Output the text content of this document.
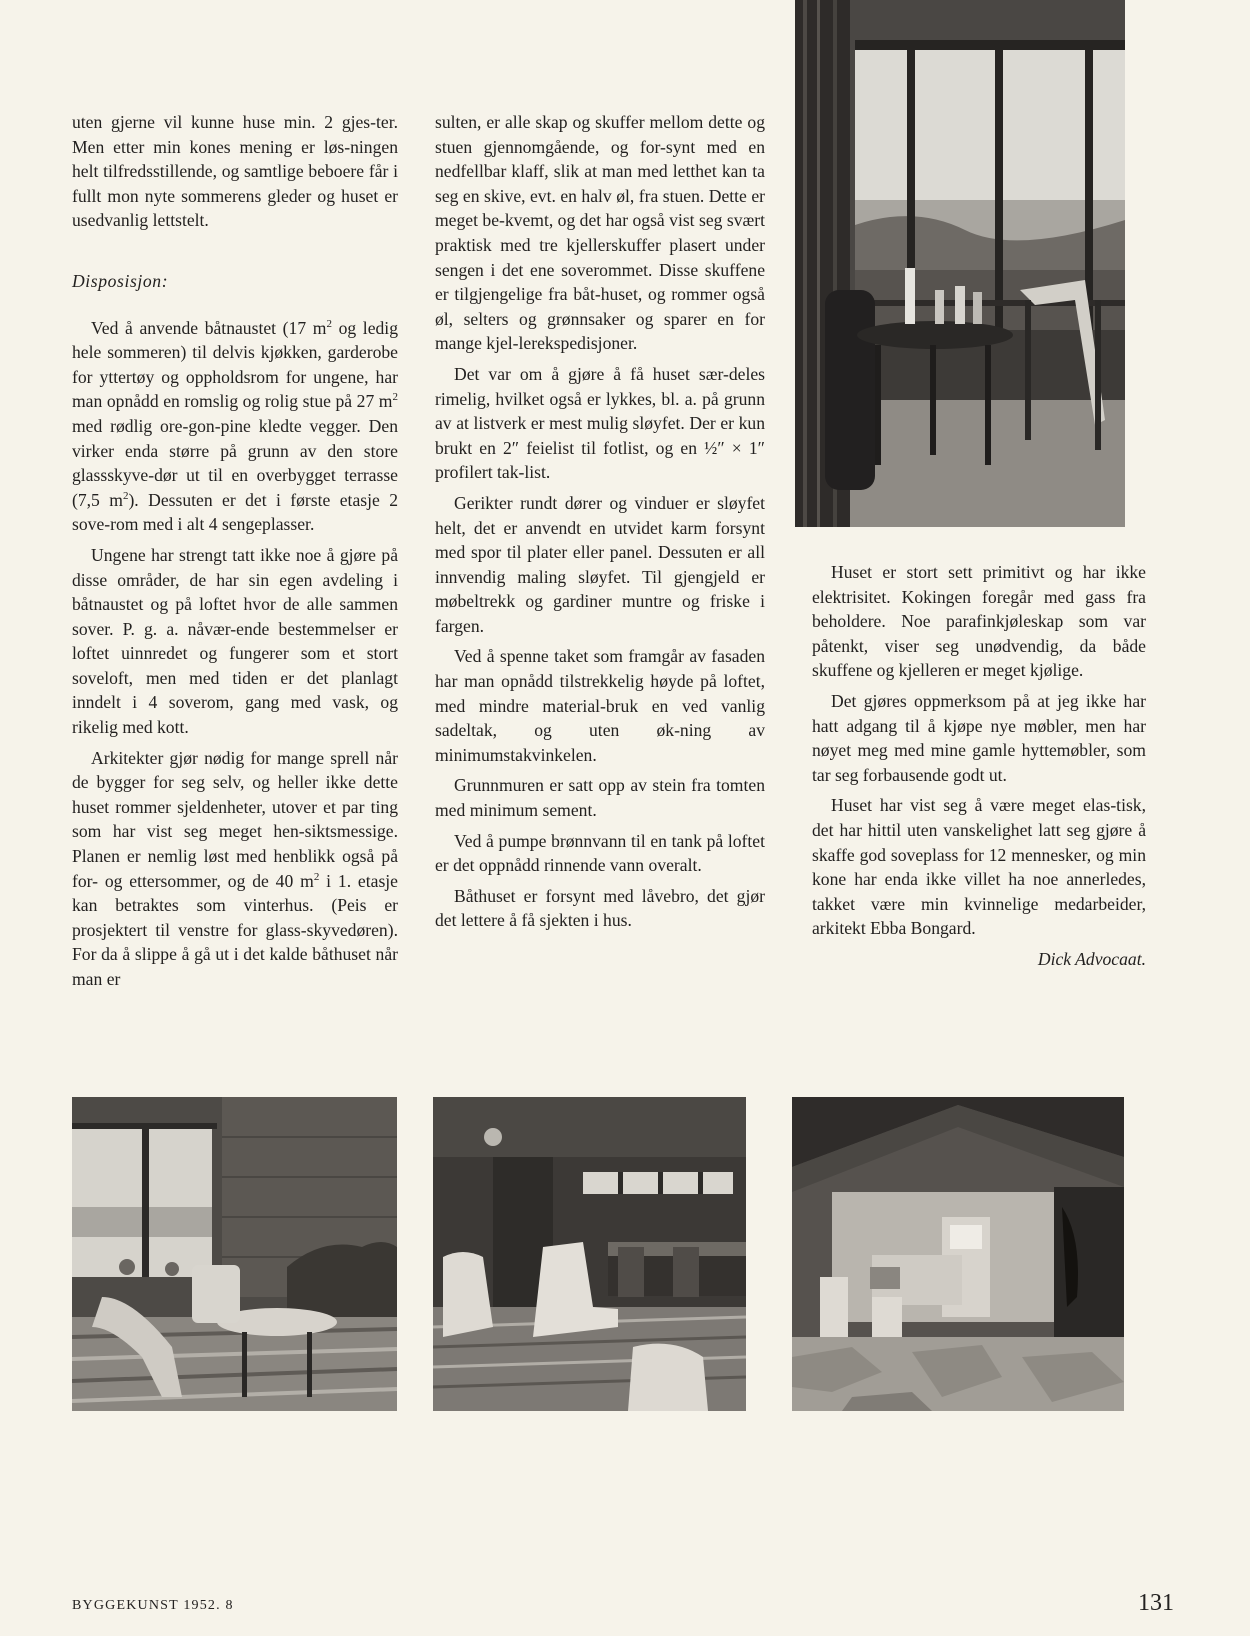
uten gjerne vil kunne huse min. 2 gjes-ter. Men etter min kones mening er løs-ningen helt tilfredsstillende, og samtlige beboere får i fullt mon nyte sommerens gleder og huset er usedvanlig lettstelt.

Disposisjon:

Ved å anvende båtnaustet (17 $m^2$ og ledig hele sommeren) til delvis kjøkken, garderobe for yttertøy og oppholdsrom for ungene, har man opnådd en romslig og rolig stue på 27 $m^2$ med rødlig ore-gon-pine kledte vegger. Den virker enda større på grunn av den store glassskyve-dør ut til en overbygget terrasse (7,5 $m^2$). Dessuten er det i første etasje 2 sove-rom med i alt 4 sengeplasser.

Ungene har strengt tatt ikke noe å gjøre på disse områder, de har sin egen avdeling i båtnaustet og på loftet hvor de alle sammen sover. P. g. a. nåvær-ende bestemmelser er loftet uinnredet og fungerer som et stort soveloft, men med tiden er det planlagt inndelt i 4 soverom, gang med vask, og rikelig med kott.

Arkitekter gjør nødig for mange sprell når de bygger for seg selv, og heller ikke dette huset rommer sjeldenheter, utover et par ting som har vist seg meget hen-siktsmessige. Planen er nemlig løst med henblikk også på for- og ettersommer, og de 40 $m^2$ i 1. etasje kan betraktes som vinterhus. (Peis er prosjektert til venstre for glass-skyvedøren). For da å slippe å gå ut i det kalde båthuset når man er

sulten, er alle skap og skuffer mellom dette og stuen gjennomgående, og for-synt med en nedfellbar klaff, slik at man med letthet kan ta seg en skive, evt. en halv øl, fra stuen. Dette er meget be-kvemt, og det har også vist seg svært praktisk med tre kjellerskuffer plasert under sengen i det ene soverommet. Disse skuffene er tilgjengelige fra båt-huset, og rommer også øl, selters og grønnsaker og sparer en for mange kjel-lerekspedisjoner.

Det var om å gjøre å få huset sær-deles rimelig, hvilket også er lykkes, bl. a. på grunn av at listverk er mest mulig sløyfet. Der er kun brukt en 2″ feielist til fotlist, og en ½″ × 1″ profilert tak-list.

Gerikter rundt dører og vinduer er sløyfet helt, det er anvendt en utvidet karm forsynt med spor til plater eller panel. Dessuten er all innvendig maling sløyfet. Til gjengjeld er møbeltrekk og gardiner muntre og friske i fargen.

Ved å spenne taket som framgår av fasaden har man opnådd tilstrekkelig høyde på loftet, med mindre material-bruk en ved vanlig sadeltak, og uten øk-ning av minimumstakvinkelen.

Grunnmuren er satt opp av stein fra tomten med minimum sement.

Ved å pumpe brønnvann til en tank på loftet er det oppnådd rinnende vann overalt.

Båthuset er forsynt med låvebro, det gjør det lettere å få sjekten i hus.

Huset er stort sett primitivt og har ikke elektrisitet. Kokingen foregår med gass fra beholdere. Noe parafinkjøleskap som var påtenkt, viser seg unødvendig, da både skuffene og kjelleren er meget kjølige.

Det gjøres oppmerksom på at jeg ikke har hatt adgang til å kjøpe nye møbler, men har nøyet meg med mine gamle hyttemøbler, som tar seg forbausende godt ut.

Huset har vist seg å være meget elas-tisk, det har hittil uten vanskelighet latt seg gjøre å skaffe god soveplass for 12 mennesker, og min kone har enda ikke villet ha noe annerledes, takket være min kvinnelige medarbeider, arkitekt Ebba Bongard.

Dick Advocaat.

BYGGEKUNST 1952. 8	131
